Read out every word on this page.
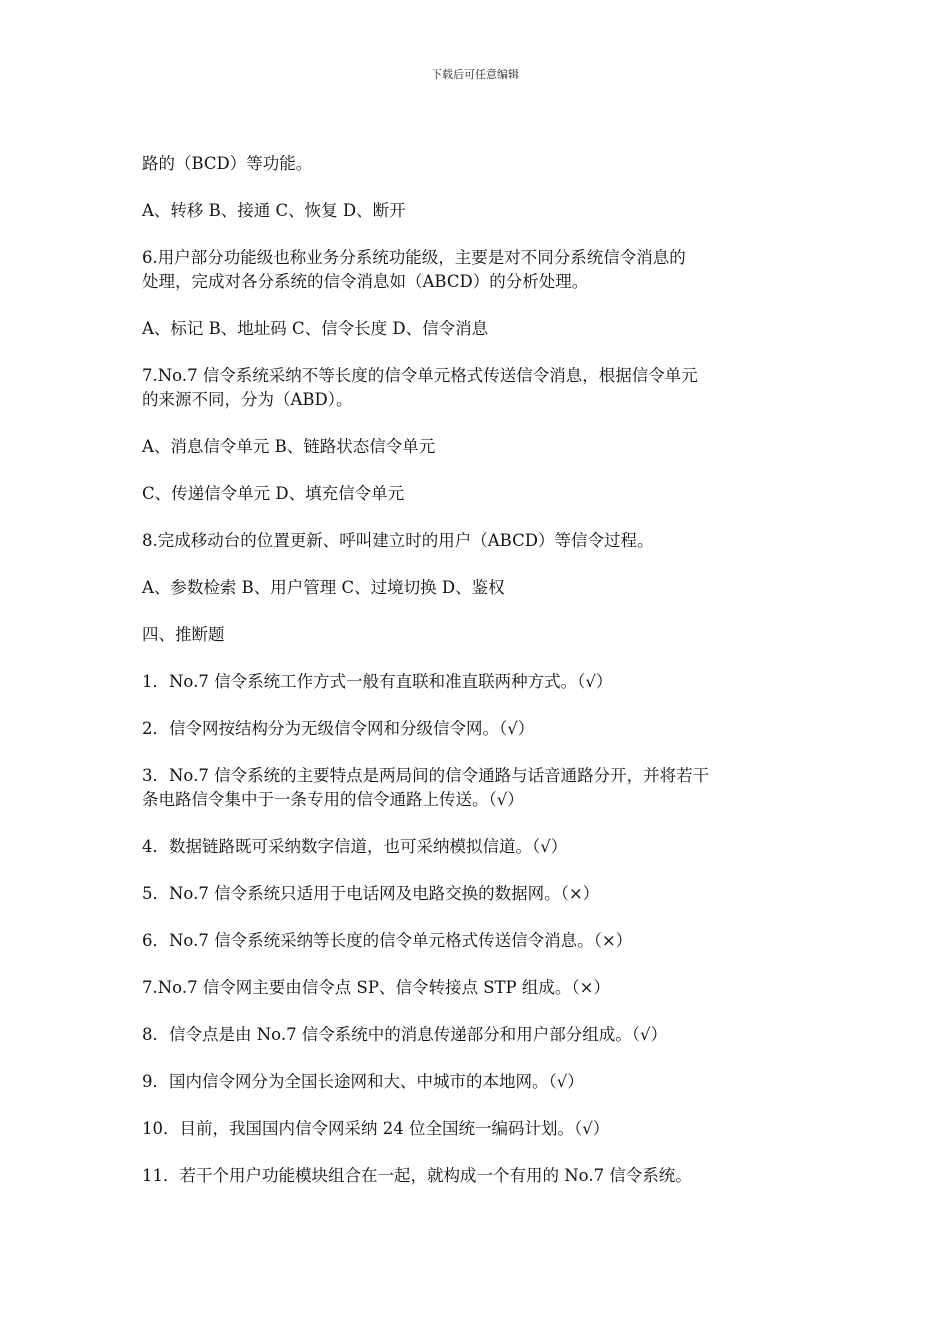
下载后可任意编辑

路的（BCD）等功能。

A、转移 B、接通 C、恢复 D、断开

6.用户部分功能级也称业务分系统功能级，主要是对不同分系统信令消息的
处理，完成对各分系统的信令消息如（ABCD）的分析处理。

A、标记 B、地址码 C、信令长度 D、信令消息

7.No.7 信令系统采纳不等长度的信令单元格式传送信令消息，根据信令单元
的来源不同，分为（ABD）。

A、消息信令单元 B、链路状态信令单元

C、传递信令单元 D、填充信令单元

8.完成移动台的位置更新、呼叫建立时的用户（ABCD）等信令过程。

A、参数检索 B、用户管理 C、过境切换 D、鉴权

四、推断题

1．No.7 信令系统工作方式一般有直联和准直联两种方式。（√）

2．信令网按结构分为无级信令网和分级信令网。（√）

3．No.7 信令系统的主要特点是两局间的信令通路与话音通路分开，并将若干
条电路信令集中于一条专用的信令通路上传送。（√）

4．数据链路既可采纳数字信道，也可采纳模拟信道。（√）

5．No.7 信令系统只适用于电话网及电路交换的数据网。（×）

6．No.7 信令系统采纳等长度的信令单元格式传送信令消息。（×）

7.No.7 信令网主要由信令点 SP、信令转接点 STP 组成。（×）

8．信令点是由 No.7 信令系统中的消息传递部分和用户部分组成。（√）

9．国内信令网分为全国长途网和大、中城市的本地网。（√）

10．目前，我国国内信令网采纳 24 位全国统一编码计划。（√）

11．若干个用户功能模块组合在一起，就构成一个有用的 No.7 信令系统。
